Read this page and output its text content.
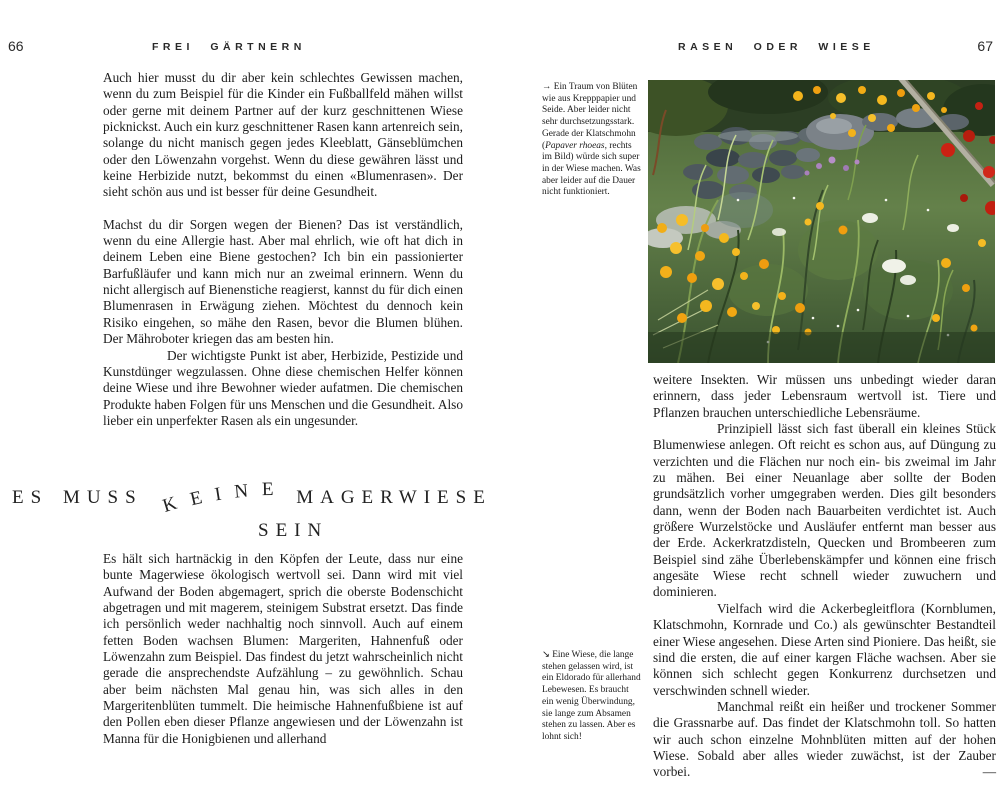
66	FREI GÄRTNERN	RASEN ODER WIESE	67

Auch hier musst du dir aber kein schlechtes Gewissen machen, wenn du zum Beispiel für die Kinder ein Fußballfeld mähen willst oder gerne mit deinem Partner auf der kurz geschnittenen Wiese picknickst. Auch ein kurz geschnittener Rasen kann artenreich sein, solange du nicht manisch gegen jedes Kleeblatt, Gänseblümchen oder den Löwenzahn vorgehst. Wenn du diese gewähren lässt und keine Herbizide nutzt, bekommst du einen «Blumenrasen». Der sieht schön aus und ist besser für deine Gesundheit.

Machst du dir Sorgen wegen der Bienen? Das ist verständlich, wenn du eine Allergie hast. Aber mal ehrlich, wie oft hat dich in deinem Leben eine Biene gestochen? Ich bin ein passionierter Barfußläufer und kann mich nur an zweimal erinnern. Wenn du nicht allergisch auf Bienenstiche reagierst, kannst du für dich einen Blumenrasen in Erwägung ziehen. Möchtest du dennoch kein Risiko eingehen, so mähe den Rasen, bevor die Blumen blühen. Der Mähroboter kriegen das am besten hin.

Der wichtigste Punkt ist aber, Herbizide, Pestizide und Kunstdünger wegzulassen. Ohne diese chemischen Helfer können deine Wiese und ihre Bewohner wieder aufatmen. Die chemischen Produkte haben Folgen für uns Menschen und die Gesundheit. Also lieber ein unperfekter Rasen als ein ungesunder.

ES MUSS K E I N E MAGERWIESE
SEIN

Es hält sich hartnäckig in den Köpfen der Leute, dass nur eine bunte Magerwiese ökologisch wertvoll sei. Dann wird mit viel Aufwand der Boden abgemagert, sprich die oberste Bodenschicht abgetragen und mit magerem, steinigem Substrat ersetzt. Das finde ich persönlich weder nachhaltig noch sinnvoll. Auch auf einem fetten Boden wachsen Blumen: Margeriten, Hahnenfuß oder Löwenzahn zum Beispiel. Das findest du jetzt wahrscheinlich nicht gerade die ansprechendste Aufzählung – zu gewöhnlich. Schau aber beim nächsten Mal genau hin, was sich alles in den Margeritenblüten tummelt. Die heimische Hahnenfußbiene ist auf den Pollen eben dieser Pflanze angewiesen und der Löwenzahn ist Manna für die Honigbienen und allerhand

→ Ein Traum von Blüten wie aus Krepppapier und Seide. Aber leider nicht sehr durchsetzungsstark. Gerade der Klatschmohn (Papaver rhoeas, rechts im Bild) würde sich super in der Wiese machen. Was aber leider auf die Dauer nicht funktioniert.
↘ Eine Wiese, die lange stehen gelassen wird, ist ein Eldorado für allerhand Lebewesen. Es braucht ein wenig Überwindung, sie lange zum Absamen stehen zu lassen. Aber es lohnt sich!

weitere Insekten. Wir müssen uns unbedingt wieder daran erinnern, dass jeder Lebensraum wertvoll ist. Tiere und Pflanzen brauchen unterschiedliche Lebensräume.

Prinzipiell lässt sich fast überall ein kleines Stück Blumenwiese anlegen. Oft reicht es schon aus, auf Düngung zu verzichten und die Flächen nur noch ein- bis zweimal im Jahr zu mähen. Bei einer Neuanlage aber sollte der Boden grundsätzlich vorher umgegraben werden. Dies gilt besonders dann, wenn der Boden nach Bauarbeiten verdichtet ist. Auch größere Wurzelstöcke und Ausläufer entfernt man besser aus der Erde. Ackerkratzdisteln, Quecken und Brombeeren zum Beispiel sind zähe Überlebenskämpfer und können eine frisch angesäte Wiese recht schnell wieder zuwuchern und dominieren.

Vielfach wird die Ackerbegleitflora (Kornblumen, Klatschmohn, Kornrade und Co.) als gewünschter Bestandteil einer Wiese angesehen. Diese Arten sind Pioniere. Das heißt, sie sind die ersten, die auf einer kargen Fläche wachsen. Aber sie können sich schlecht gegen Konkurrenz durchsetzen und verschwinden schnell wieder.

Manchmal reißt ein heißer und trockener Sommer die Grassnarbe auf. Das findet der Klatschmohn toll. So hatten wir auch schon einzelne Mohnblüten mitten auf der hohen Wiese. Sobald aber alles wieder zuwächst, ist der Zauber vorbei.	—
